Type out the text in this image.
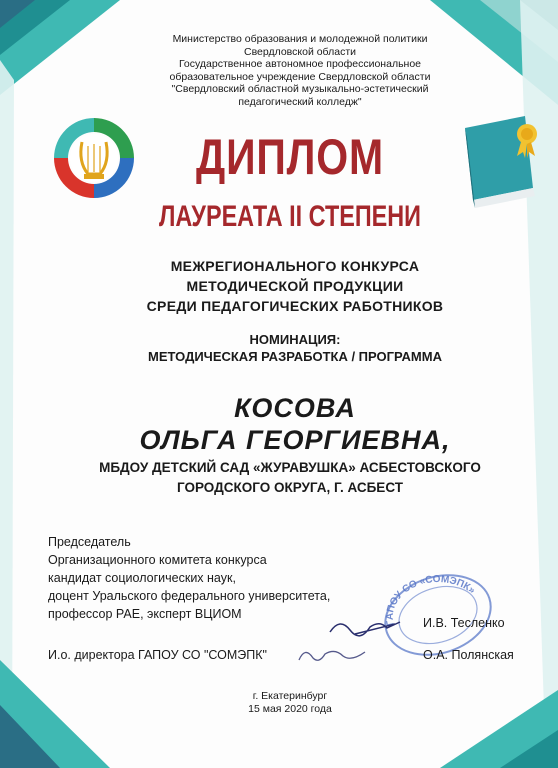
Министерство образования и молодежной политики
Свердловской области
Государственное автономное профессиональное
образовательное учреждение Свердловской области
"Свердловский областной музыкально-эстетический
педагогический колледж"
ДИПЛОМ
ЛАУРЕАТА II СТЕПЕНИ
МЕЖРЕГИОНАЛЬНОГО КОНКУРСА
МЕТОДИЧЕСКОЙ ПРОДУКЦИИ
СРЕДИ ПЕДАГОГИЧЕСКИХ РАБОТНИКОВ
НОМИНАЦИЯ:
МЕТОДИЧЕСКАЯ РАЗРАБОТКА / ПРОГРАММА
КОСОВА
ОЛЬГА ГЕОРГИЕВНА,
МБДОУ ДЕТСКИЙ САД «ЖУРАВУШКА» АСБЕСТОВСКОГО
ГОРОДСКОГО ОКРУГА, Г. АСБЕСТ
ГАПОУ СО «СОМЭПК»
Председатель
Организационного комитета конкурса
кандидат социологических наук,
доцент Уральского федерального университета,
профессор РАЕ, эксперт ВЦИОМ
И.В. Тесленко
И.о. директора ГАПОУ СО "СОМЭПК"	О.А. Полянская
г. Екатеринбург
15 мая 2020 года
